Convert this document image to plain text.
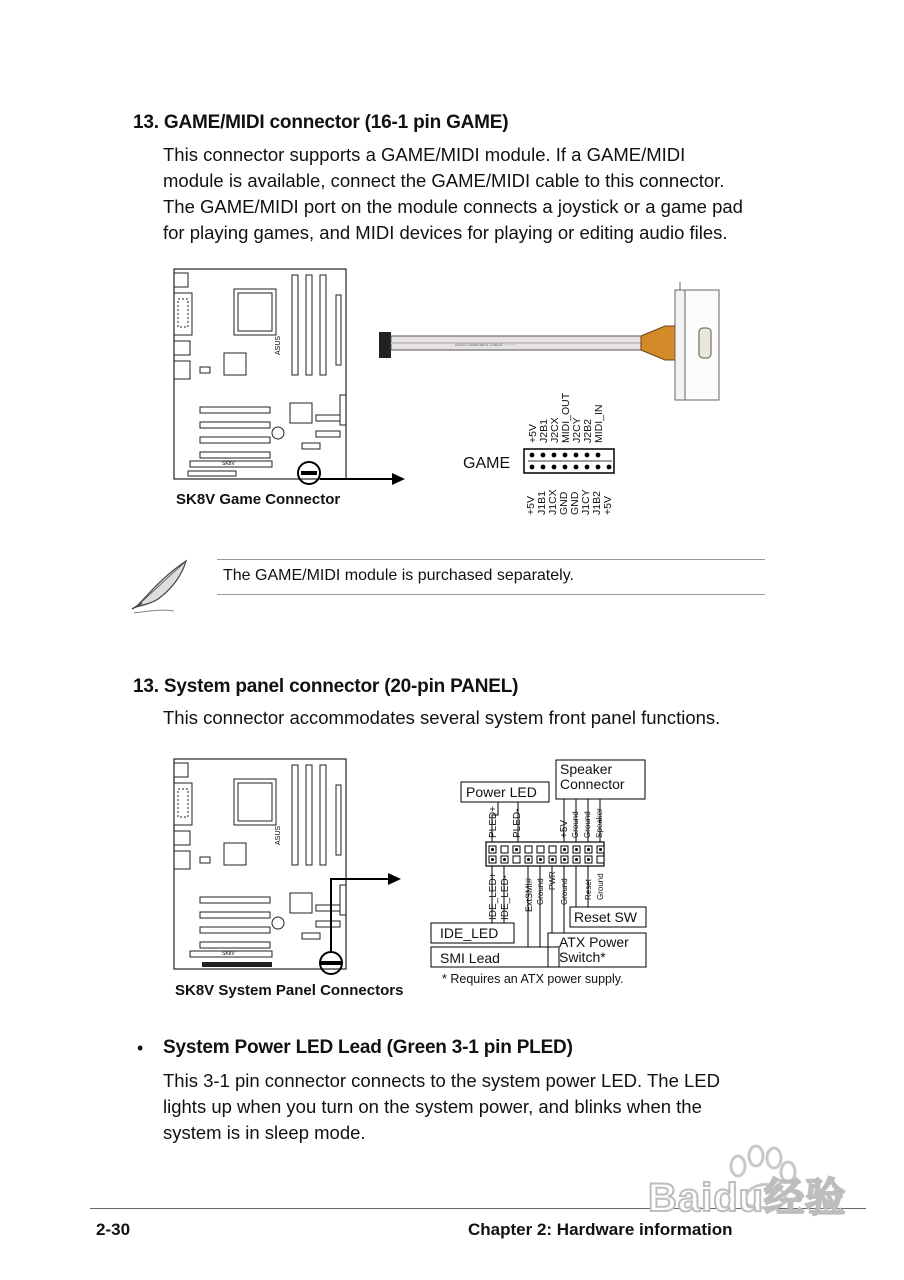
13. GAME/MIDI connector (16-1 pin GAME)
This connector supports a GAME/MIDI module. If a GAME/MIDI
module is available, connect the GAME/MIDI cable to this connector.
The GAME/MIDI port on the module connects a joystick or a game pad
for playing games, and MIDI devices for playing or editing audio files.
ASUS
SK8V
SK8V Game Connector
ASUS GAME/MIDI CABLE ·········
GAME
+5V J2B1 J2CX MIDI_OUT J2CY J2B2 MIDI_IN
+5V J1B1 J1CX GND GND J1CY J1B2 +5V
The GAME/MIDI module is purchased separately.
13. System panel connector (20-pin PANEL)
This connector accommodates several system front panel functions.
ASUS
SK8V
SK8V System Panel Connectors
Power LED
Speaker
Connector
IDE_LED
SMI Lead
Reset SW
ATX Power
Switch*
* Requires an ATX power supply.
PLED+ PLED-	+5V Ground Ground Speaker
IDE_LED+ IDE_LED- ExtSMI# Ground PWR Ground Reset Ground
• System Power LED Lead (Green 3-1 pin PLED)
This 3-1 pin connector connects to the system power LED. The LED
lights up when you turn on the system power, and blinks when the
system is in sleep mode.
2-30	Chapter 2: Hardware information
Baidu经验
